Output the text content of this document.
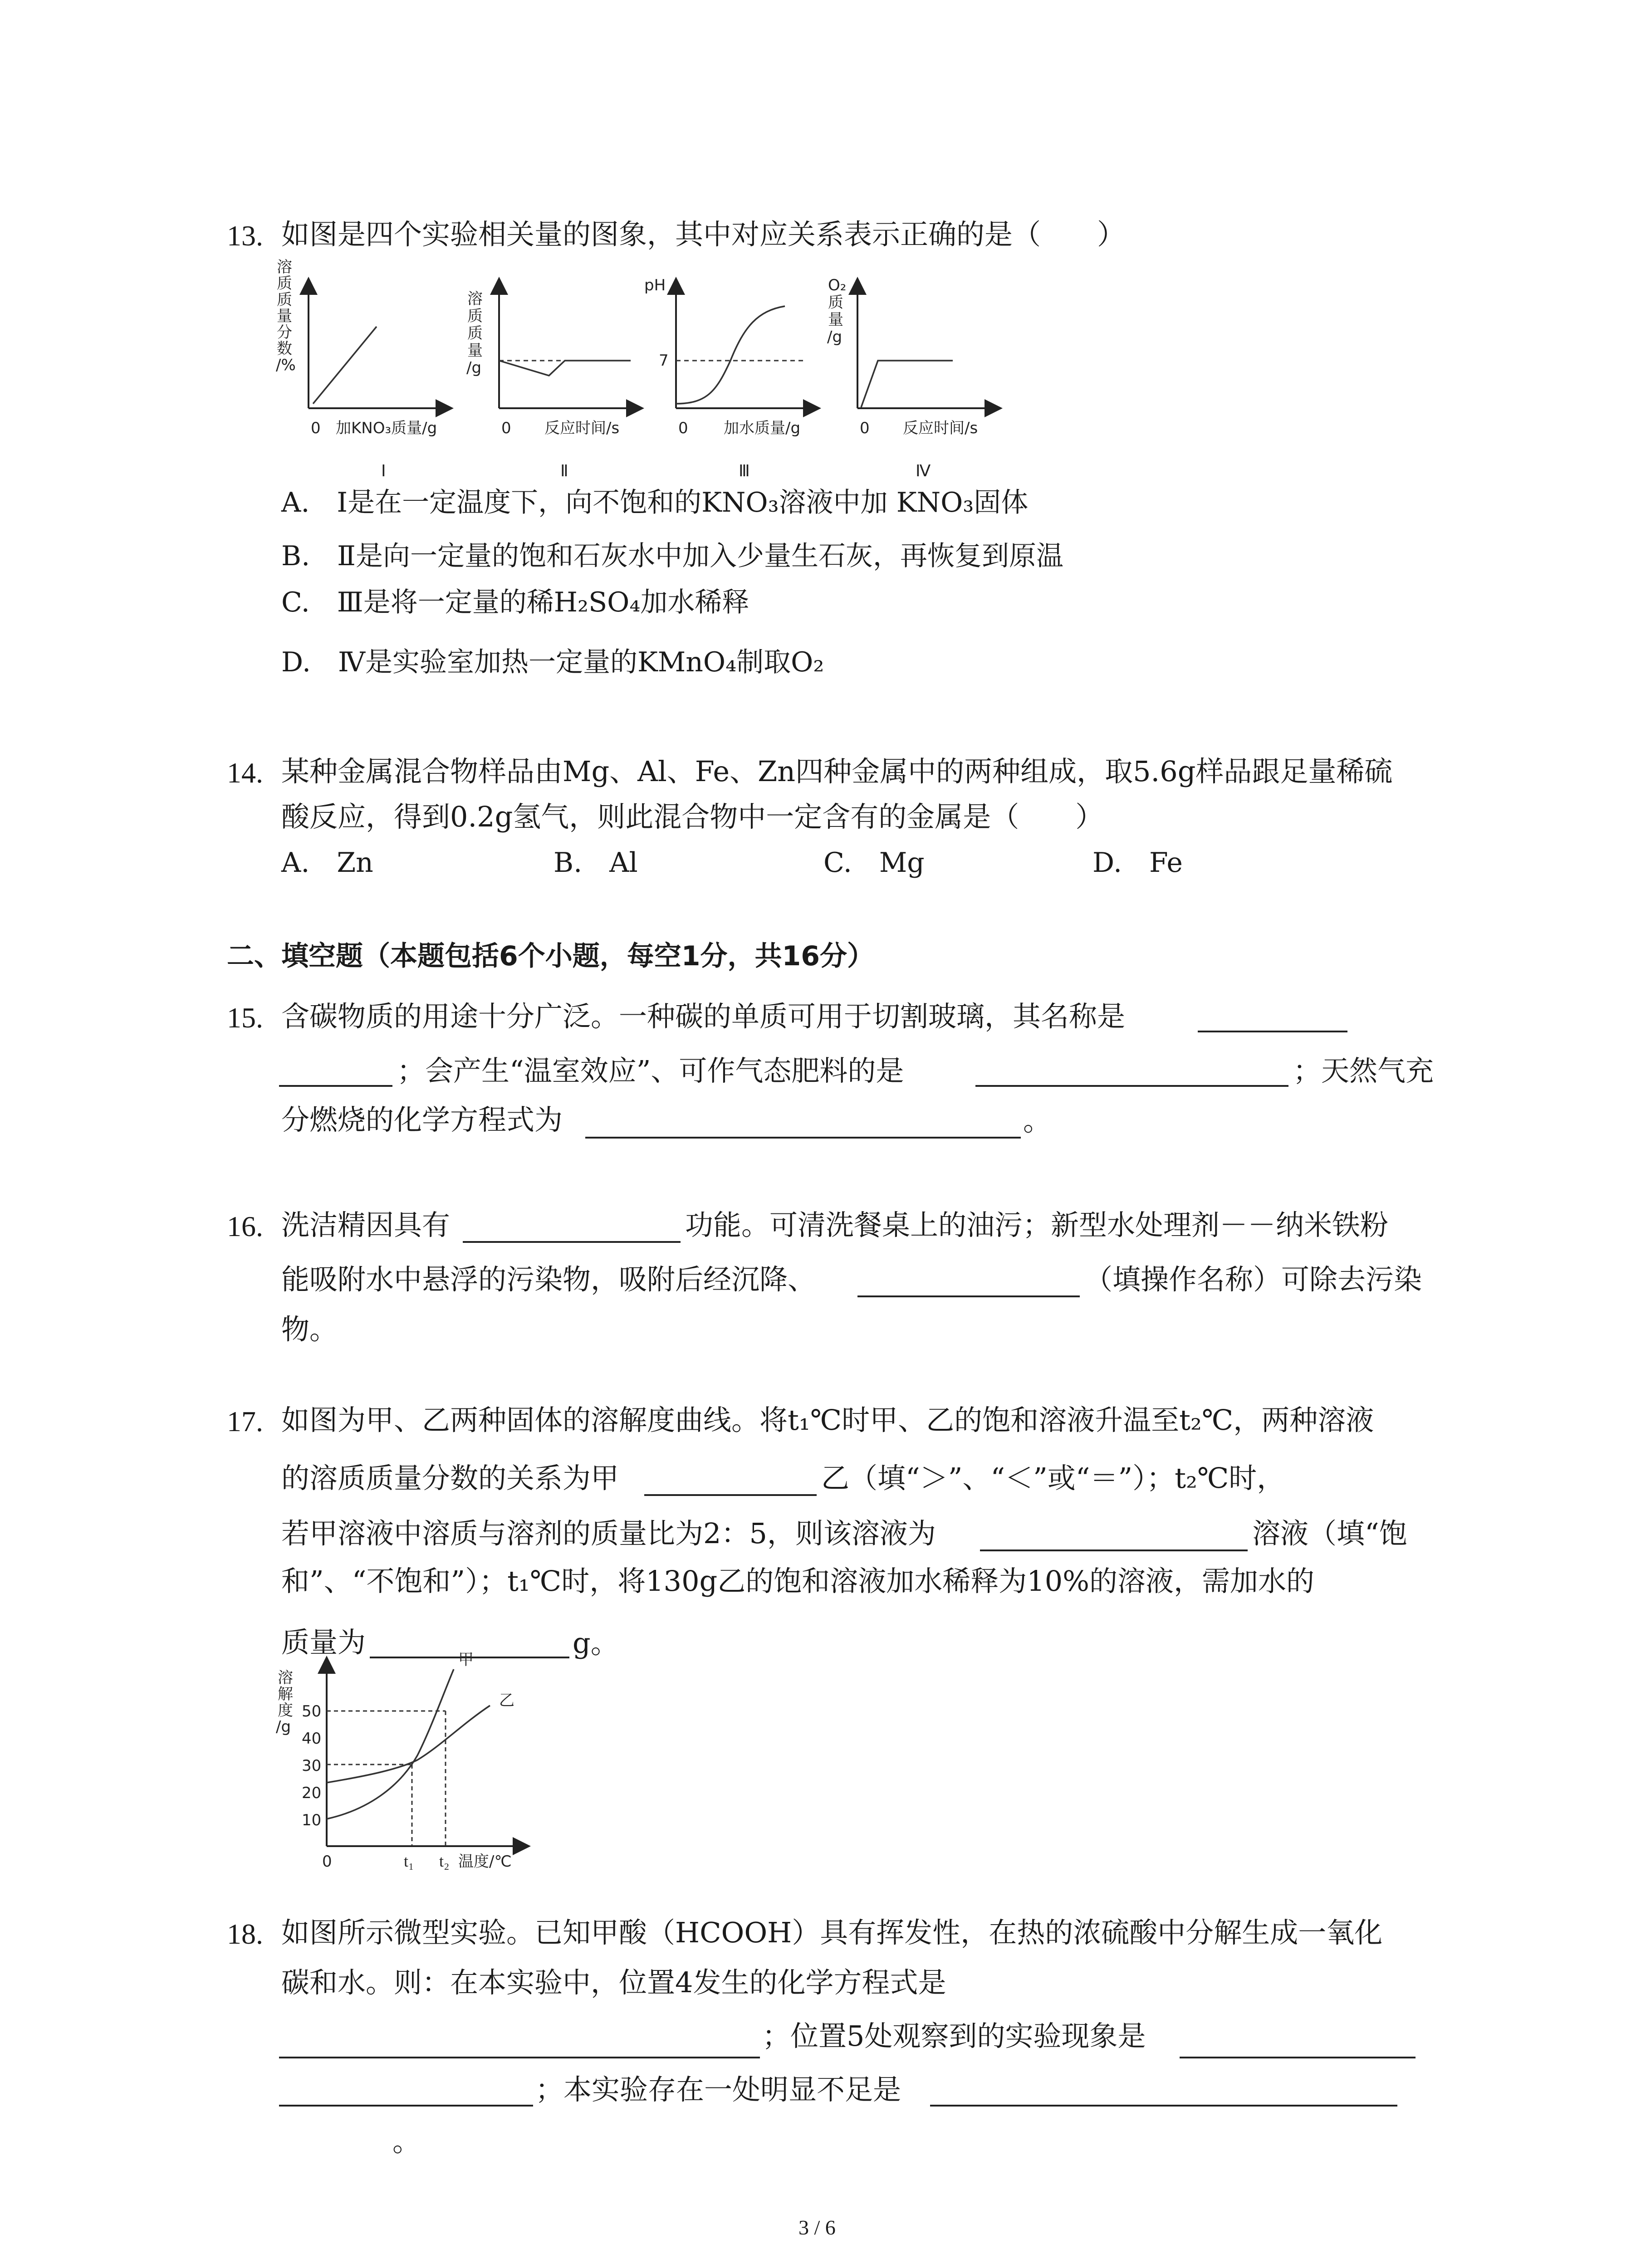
13. 如图是四个实验相关量的图象，其中对应关系表示正确的是（　　）
溶质质量分数/%
0 加KNO₃质量/g
Ⅰ
溶质质量/g
0 反应时间/s
Ⅱ
pH
7
0 加水质量/g
Ⅲ
O₂ 质量/g
0 反应时间/s
Ⅳ
A.　Ⅰ是在一定温度下，向不饱和的KNO₃溶液中加 KNO₃固体
B.　Ⅱ是向一定量的饱和石灰水中加入少量生石灰，再恢复到原温
C.　Ⅲ是将一定量的稀H₂SO₄加水稀释
D.　Ⅳ是实验室加热一定量的KMnO₄制取O₂
14. 某种金属混合物样品由Mg、Al、Fe、Zn四种金属中的两种组成，取5.6g样品跟足量稀硫
酸反应，得到0.2g氢气，则此混合物中一定含有的金属是（　　）
A.　Zn	B.　Al	C.　Mg	D.　Fe
二、填空题（本题包括6个小题，每空1分，共16分）
15. 含碳物质的用途十分广泛。一种碳的单质可用于切割玻璃，其名称是
；会产生“温室效应”、可作气态肥料的是	；天然气充
分燃烧的化学方程式为	。
16. 洗洁精因具有	功能。可清洗餐桌上的油污；新型水处理剂－－纳米铁粉
能吸附水中悬浮的污染物，吸附后经沉降、	（填操作名称）可除去污染
物。
17. 如图为甲、乙两种固体的溶解度曲线。将t₁℃时甲、乙的饱和溶液升温至t₂℃，两种溶液
的溶质质量分数的关系为甲	乙（填“＞”、“＜”或“＝”）；t₂℃时，
若甲溶液中溶质与溶剂的质量比为2：5，则该溶液为	溶液（填“饱
和”、“不饱和”）；t₁℃时，将130g乙的饱和溶液加水稀释为10%的溶液，需加水的
质量为	g。
溶解度/g
50
40
30
20
10
甲
乙
0	t₁ t₂ 温度/℃
18. 如图所示微型实验。已知甲酸（HCOOH）具有挥发性，在热的浓硫酸中分解生成一氧化
碳和水。则：在本实验中，位置4发生的化学方程式是
；位置5处观察到的实验现象是
；本实验存在一处明显不足是
。
3 / 6
